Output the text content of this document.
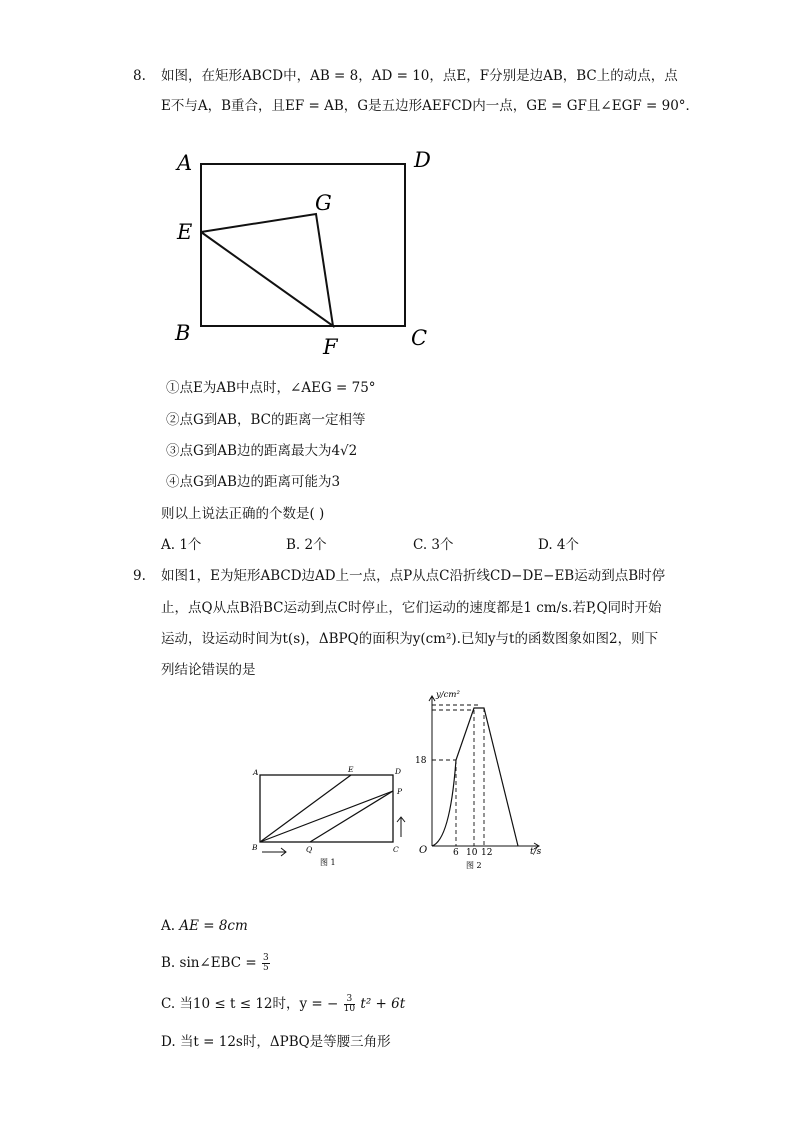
8. 如图，在矩形ABCD中，AB = 8，AD = 10，点E，F分别是边AB，BC上的动点，点
E不与A，B重合，且EF = AB，G是五边形AEFCD内一点，GE = GF且∠EGF = 90°．
A	D
E
G
B
F	C
①点E为AB中点时，∠AEG = 75°
②点G到AB，BC的距离一定相等
③点G到AB边的距离最大为4√2
④点G到AB边的距离可能为3
则以上说法正确的个数是( )
A. 1个	B. 2个	C. 3个	D. 4个
9. 如图1，E为矩形ABCD边AD上一点，点P从点C沿折线CD−DE−EB运动到点B时停
止，点Q从点B沿BC运动到点C时停止，它们运动的速度都是1 cm/s.若P,Q同时开始
运动，设运动时间为t(s)，ΔBPQ的面积为y(cm²).已知y与t的函数图象如图2，则下
列结论错误的是
A	E	D
P
B	Q	C
图 1
y/cm²
18
O	6 10 12	t/s
图 2
A. AE = 8cm
B. sin∠EBC = $\frac{3}{5}$
C. 当10 ≤ t ≤ 12时，y = − $\frac{3}{10} t^2 + 6t$
D. 当t = 12s时，ΔPBQ是等腰三角形
